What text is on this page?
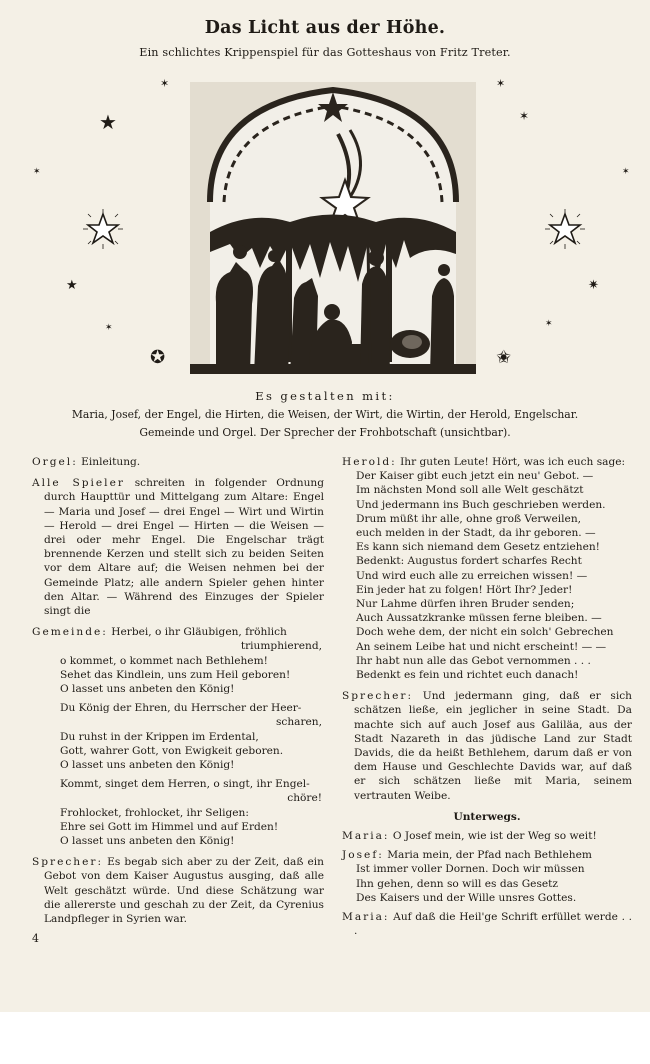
Das Licht aus der Höhe.
Ein schlichtes Krippenspiel für das Gotteshaus von Fritz Treter.
✶	✶
★	✶
✶	✶
★	✷
✶	✶
✪	✬
Es gestalten mit:
Maria, Josef, der Engel, die Hirten, die Weisen, der Wirt, die Wirtin, der Herold, Engelschar.
Gemeinde und Orgel. Der Sprecher der Frohbotschaft (unsichtbar).

Orgel: Einleitung.

Alle Spieler schreiten in folgender Ordnung durch Haupttür und Mittelgang zum Altare: Engel — Maria und Josef — drei Engel — Wirt und Wirtin — Herold — drei Engel — Hirten — die Weisen — drei oder mehr Engel. Die Engelschar trägt brennende Kerzen und stellt sich zu beiden Seiten vor dem Altare auf; die Weisen nehmen bei der Gemeinde Platz; alle andern Spieler gehen hinter den Altar. — Während des Einzuges der Spieler singt die

Gemeinde: Herbei, o ihr Gläubigen, fröhlich

triumphierend,

o kommet, o kommet nach Bethlehem!

Sehet das Kindlein, uns zum Heil geboren!

O lasset uns anbeten den König!

Du König der Ehren, du Herrscher der Heer-

scharen,

Du ruhst in der Krippen im Erdental,

Gott, wahrer Gott, von Ewigkeit geboren.

O lasset uns anbeten den König!

Kommt, singet dem Herren, o singt, ihr Engel-

chöre!

Frohlocket, frohlocket, ihr Seligen:

Ehre sei Gott im Himmel und auf Erden!

O lasset uns anbeten den König!

Sprecher: Es begab sich aber zu der Zeit, daß ein Gebot von dem Kaiser Augustus ausging, daß alle Welt geschätzt würde. Und diese Schätzung war die allererste und geschah zu der Zeit, da Cyrenius Landpfleger in Syrien war.

Herold: Ihr guten Leute! Hört, was ich euch sage:

Der Kaiser gibt euch jetzt ein neu' Gebot. —

Im nächsten Mond soll alle Welt geschätzt

Und jedermann ins Buch geschrieben werden.

Drum müßt ihr alle, ohne groß Verweilen,

euch melden in der Stadt, da ihr geboren. —

Es kann sich niemand dem Gesetz entziehen!

Bedenkt: Augustus fordert scharfes Recht

Und wird euch alle zu erreichen wissen! —

Ein jeder hat zu folgen! Hört Ihr? Jeder!

Nur Lahme dürfen ihren Bruder senden;

Auch Aussatzkranke müssen ferne bleiben. —

Doch wehe dem, der nicht ein solch' Gebrechen

An seinem Leibe hat und nicht erscheint! — —

Ihr habt nun alle das Gebot vernommen . . .

Bedenkt es fein und richtet euch danach!

Sprecher: Und jedermann ging, daß er sich schätzen ließe, ein jeglicher in seine Stadt. Da machte sich auf auch Josef aus Galiläa, aus der Stadt Nazareth in das jüdische Land zur Stadt Davids, die da heißt Bethlehem, darum daß er von dem Hause und Geschlechte Davids war, auf daß er sich schätzen ließe mit Maria, seinem vertrauten Weibe.

Unterwegs.

Maria: O Josef mein, wie ist der Weg so weit!

Josef: Maria mein, der Pfad nach Bethlehem

Ist immer voller Dornen. Doch wir müssen

Ihn gehen, denn so will es das Gesetz

Des Kaisers und der Wille unsres Gottes.

Maria: Auf daß die Heil'ge Schrift erfüllet werde . . .

4
